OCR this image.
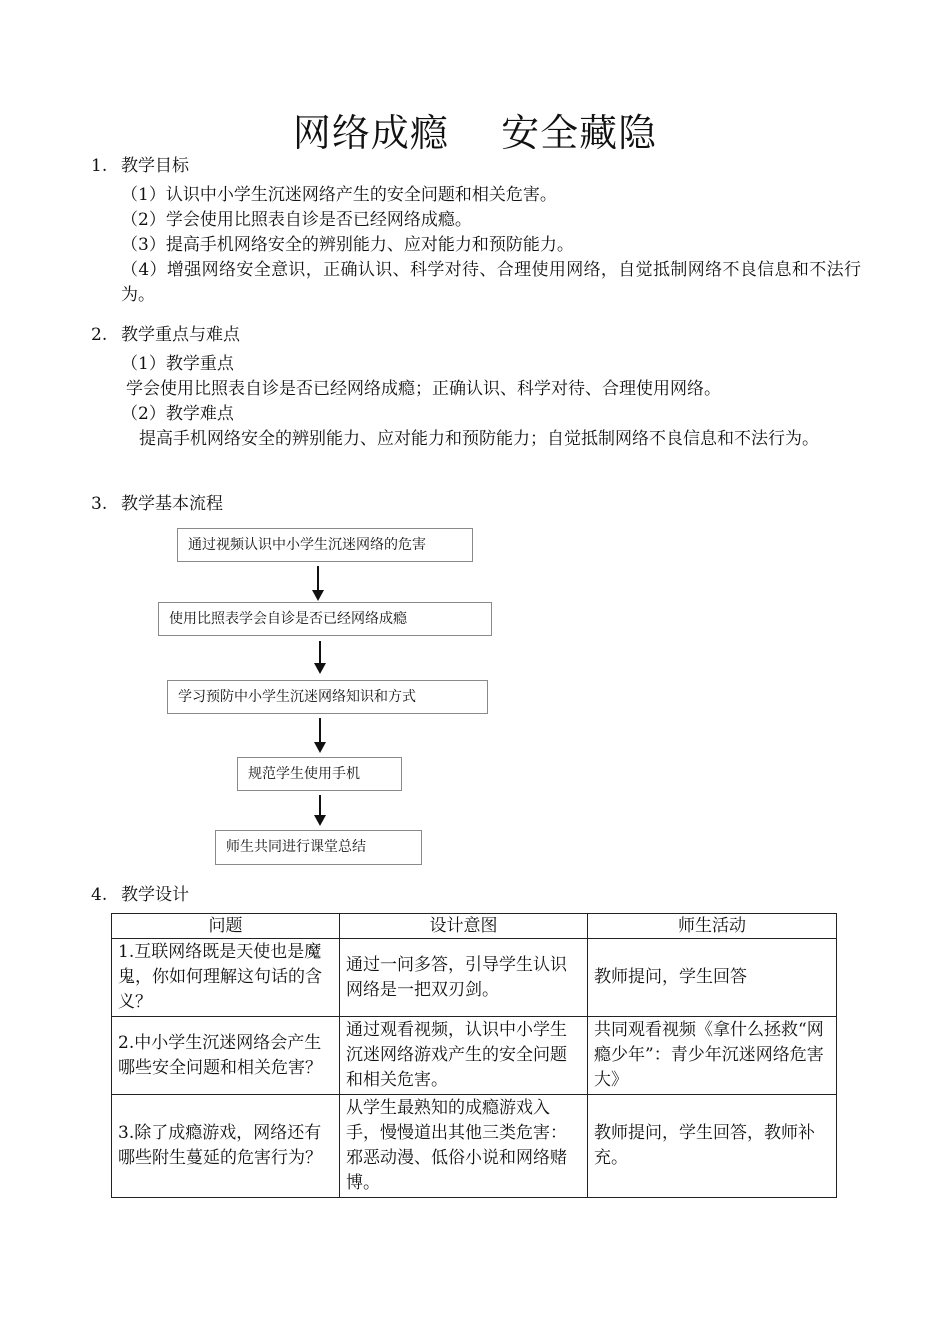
网络成瘾    安全藏隐
1. 教学目标
（1）认识中小学生沉迷网络产生的安全问题和相关危害。
（2）学会使用比照表自诊是否已经网络成瘾。
（3）提高手机网络安全的辨别能力、应对能力和预防能力。
（4）增强网络安全意识，正确认识、科学对待、合理使用网络，自觉抵制网络不良信息和不法行为。
2. 教学重点与难点
（1）教学重点
学会使用比照表自诊是否已经网络成瘾；正确认识、科学对待、合理使用网络。
（2）教学难点
提高手机网络安全的辨别能力、应对能力和预防能力；自觉抵制网络不良信息和不法行为。
3. 教学基本流程
通过视频认识中小学生沉迷网络的危害
使用比照表学会自诊是否已经网络成瘾
学习预防中小学生沉迷网络知识和方式
规范学生使用手机
师生共同进行课堂总结
4. 教学设计
问题	设计意图	师生活动
1.互联网络既是天使也是魔鬼，你如何理解这句话的含义？	通过一问多答，引导学生认识网络是一把双刃剑。	教师提问，学生回答
2.中小学生沉迷网络会产生哪些安全问题和相关危害？	通过观看视频，认识中小学生沉迷网络游戏产生的安全问题和相关危害。	共同观看视频《拿什么拯救“网瘾少年”：青少年沉迷网络危害大》
3.除了成瘾游戏，网络还有哪些附生蔓延的危害行为？	从学生最熟知的成瘾游戏入手，慢慢道出其他三类危害：邪恶动漫、低俗小说和网络赌博。	教师提问，学生回答，教师补充。
